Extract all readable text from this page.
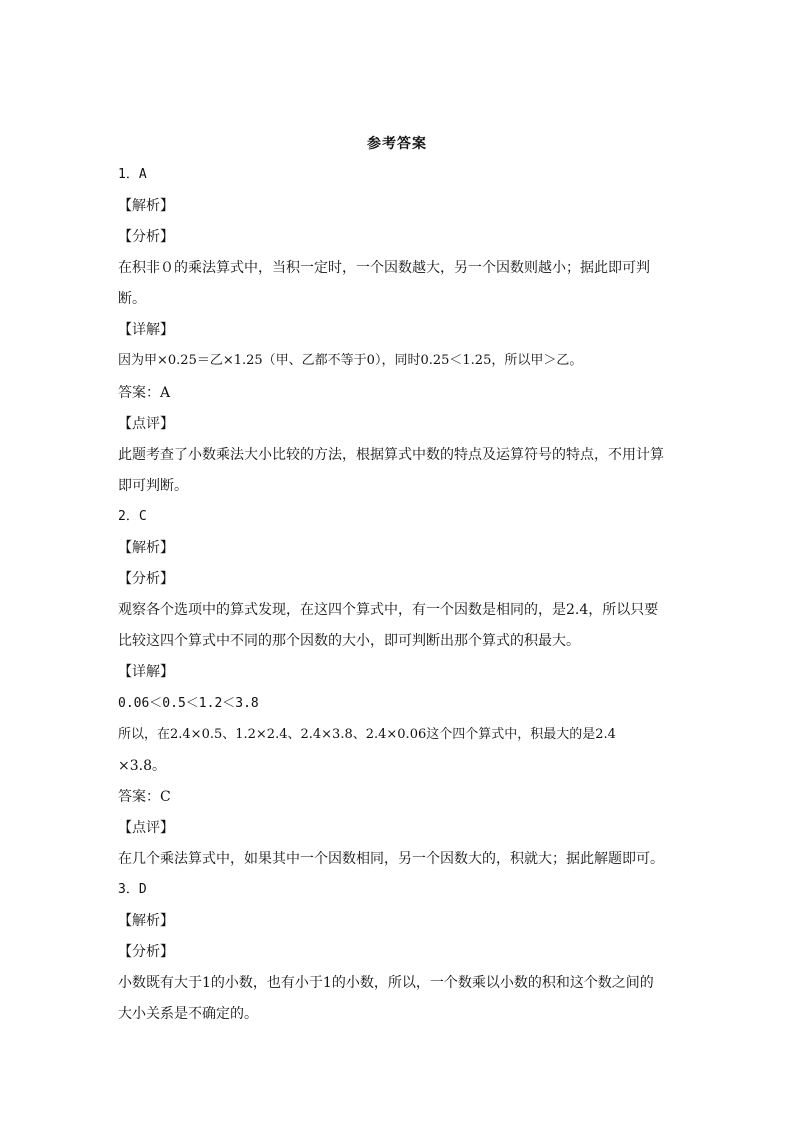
参考答案
1．A
【解析】
【分析】
在积非０的乘法算式中，当积一定时，一个因数越大，另一个因数则越小；据此即可判
断。
【详解】
因为甲×0.25＝乙×1.25（甲、乙都不等于0），同时0.25＜1.25，所以甲＞乙。
答案：A
【点评】
此题考查了小数乘法大小比较的方法，根据算式中数的特点及运算符号的特点，不用计算
即可判断。
2．C
【解析】
【分析】
观察各个选项中的算式发现，在这四个算式中，有一个因数是相同的，是2.4，所以只要
比较这四个算式中不同的那个因数的大小，即可判断出那个算式的积最大。
【详解】
0.06＜0.5＜1.2＜3.8
所以，在2.4×0.5、1.2×2.4、2.4×3.8、2.4×0.06这个四个算式中，积最大的是2.4
×3.8。
答案：C
【点评】
在几个乘法算式中，如果其中一个因数相同，另一个因数大的，积就大；据此解题即可。
3．D
【解析】
【分析】
小数既有大于1的小数，也有小于1的小数，所以，一个数乘以小数的积和这个数之间的
大小关系是不确定的。
